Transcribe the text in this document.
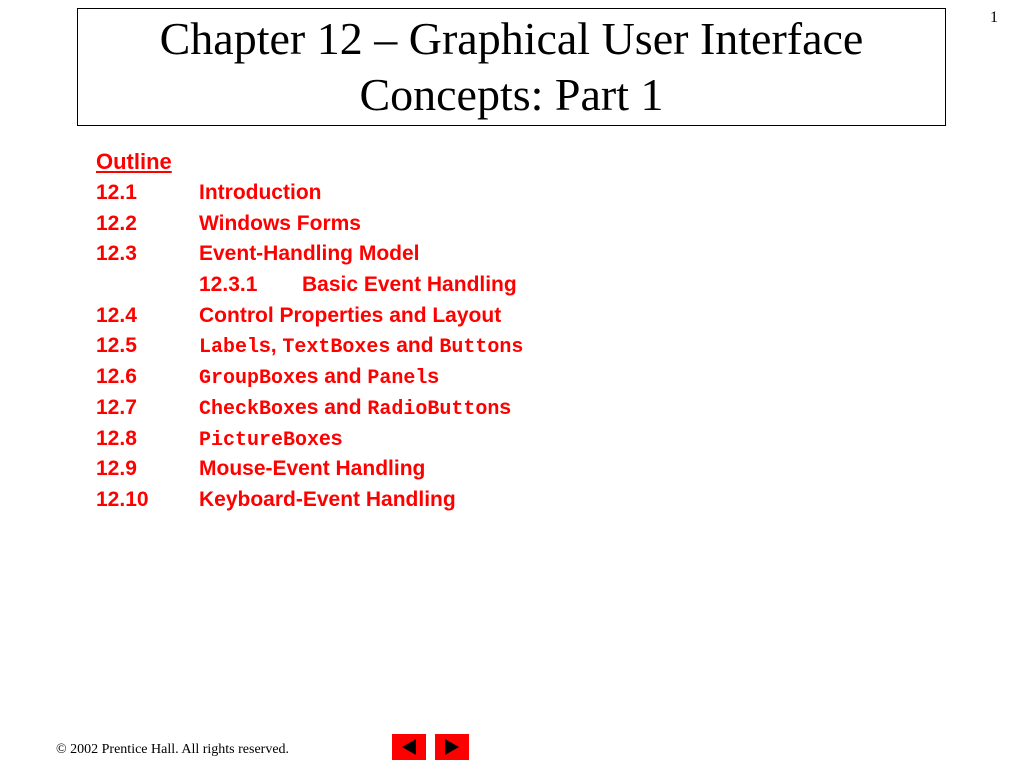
1
Chapter 12 – Graphical User Interface
Concepts: Part 1
Outline
12.1	Introduction
12.2	Windows Forms
12.3	Event-Handling Model
12.3.1 Basic Event Handling
12.4	Control Properties and Layout
12.5	Labels, TextBoxes and Buttons
12.6	GroupBoxes and Panels
12.7	CheckBoxes and RadioButtons
12.8	PictureBoxes
12.9	Mouse-Event Handling
12.10 Keyboard-Event Handling
© 2002 Prentice Hall. All rights reserved.
